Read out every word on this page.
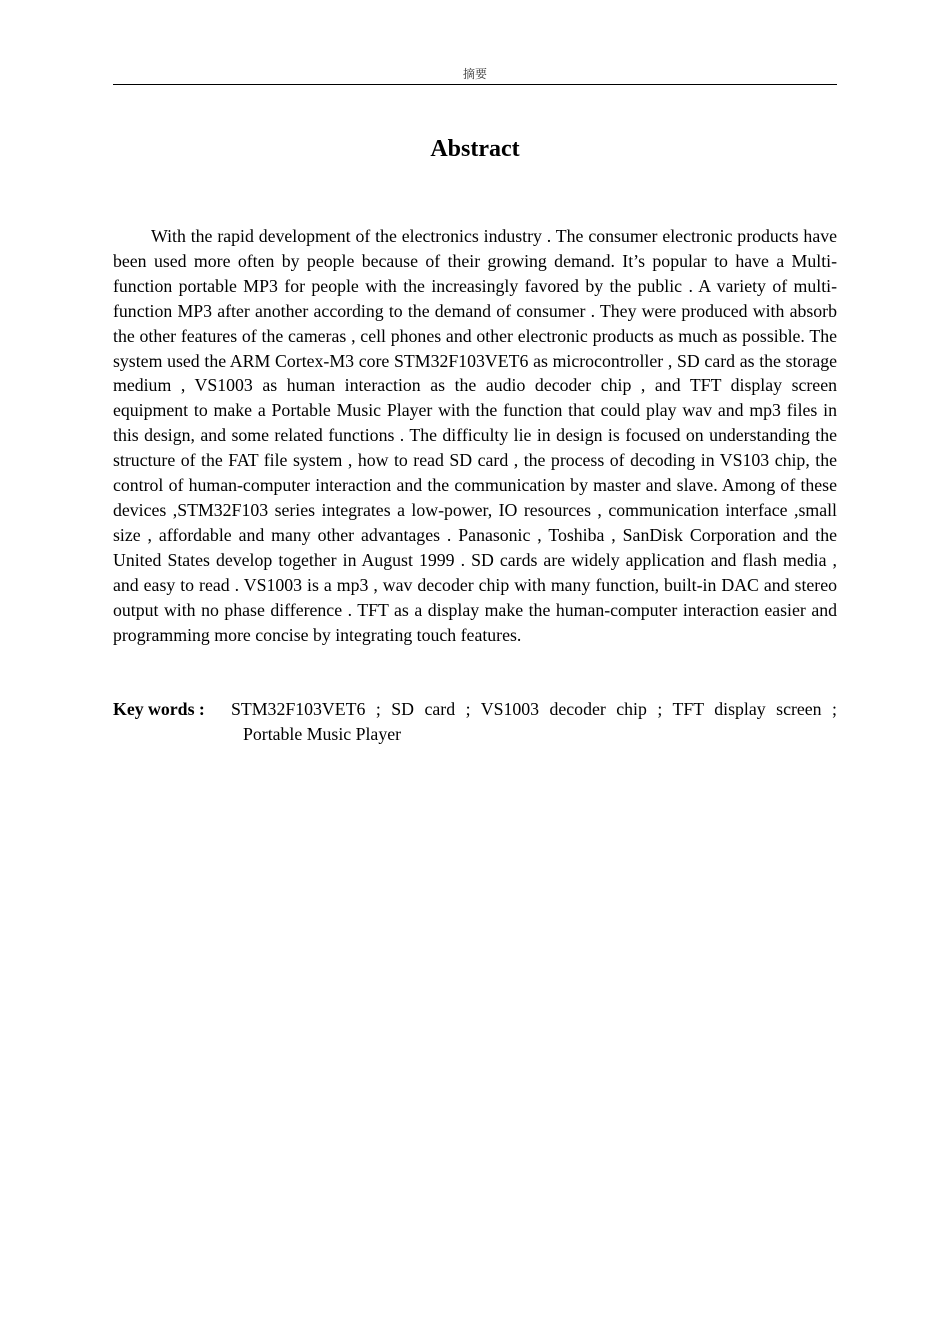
摘要
Abstract

With the rapid development of the electronics industry . The consumer electronic products have been used more often by people because of their growing demand. It’s popular to have a Multi-function portable MP3 for people with the increasingly favored by the public . A variety of multi-function MP3 after another according to the demand of consumer . They were produced with absorb the other features of the cameras , cell phones and other electronic products as much as possible. The system used the ARM Cortex-M3 core STM32F103VET6 as microcontroller , SD card as the storage medium , VS1003 as human interaction as the audio decoder chip , and TFT display screen equipment to make a Portable Music Player with the function that could play wav and mp3 files in this design, and some related functions . The difficulty lie in design is focused on understanding the structure of the FAT file system , how to read SD card , the process of decoding in VS103 chip, the control of human-computer interaction and the communication by master and slave. Among of these devices ,STM32F103 series integrates a low-power, IO resources , communication interface ,small size , affordable and many other advantages . Panasonic , Toshiba , SanDisk Corporation and the United States develop together in August 1999 . SD cards are widely application and flash media , and easy to read . VS1003 is a mp3 , wav decoder chip with many function, built-in DAC and stereo output with no phase difference . TFT as a display make the human-computer interaction easier and programming more concise by integrating touch features.

Key words :	STM32F103VET6 ; SD card ; VS1003 decoder chip ; TFT display screen ;
Portable Music Player
